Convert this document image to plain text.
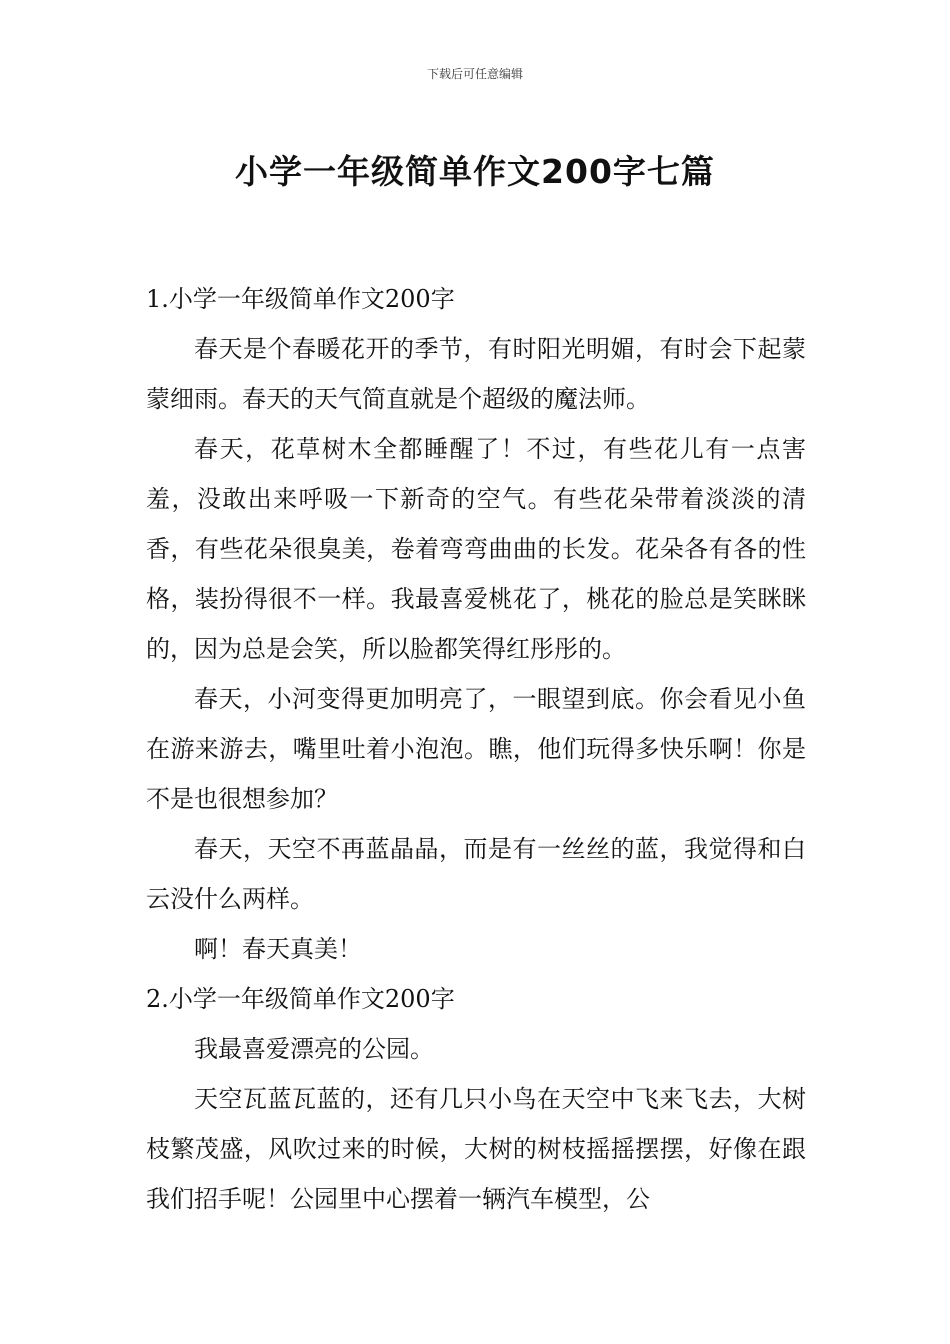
下载后可任意编辑
小学一年级简单作文200字七篇

1.小学一年级简单作文200字

春天是个春暖花开的季节，有时阳光明媚，有时会下起蒙蒙细雨。春天的天气简直就是个超级的魔法师。

春天，花草树木全都睡醒了！不过，有些花儿有一点害羞，没敢出来呼吸一下新奇的空气。有些花朵带着淡淡的清香，有些花朵很臭美，卷着弯弯曲曲的长发。花朵各有各的性格，装扮得很不一样。我最喜爱桃花了，桃花的脸总是笑眯眯的，因为总是会笑，所以脸都笑得红彤彤的。

春天，小河变得更加明亮了，一眼望到底。你会看见小鱼在游来游去，嘴里吐着小泡泡。瞧，他们玩得多快乐啊！你是不是也很想参加？

春天，天空不再蓝晶晶，而是有一丝丝的蓝，我觉得和白云没什么两样。

啊！春天真美！

2.小学一年级简单作文200字

我最喜爱漂亮的公园。

天空瓦蓝瓦蓝的，还有几只小鸟在天空中飞来飞去，大树枝繁茂盛，风吹过来的时候，大树的树枝摇摇摆摆，好像在跟我们招手呢！公园里中心摆着一辆汽车模型，公
